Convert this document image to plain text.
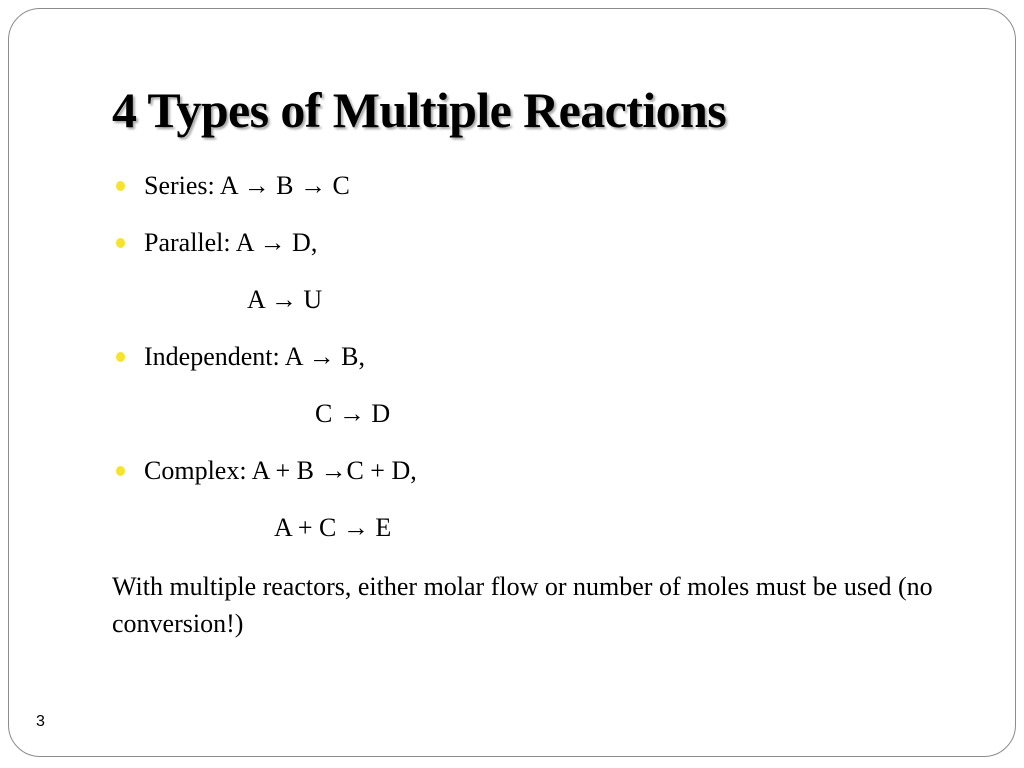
4 Types of Multiple Reactions
Series: A → B → C
Parallel: A → D,
A → U
Independent: A → B,
C → D
Complex: A + B →C + D,
A + C → E

With multiple reactors, either molar flow or number of moles must be used (no conversion!)

3
